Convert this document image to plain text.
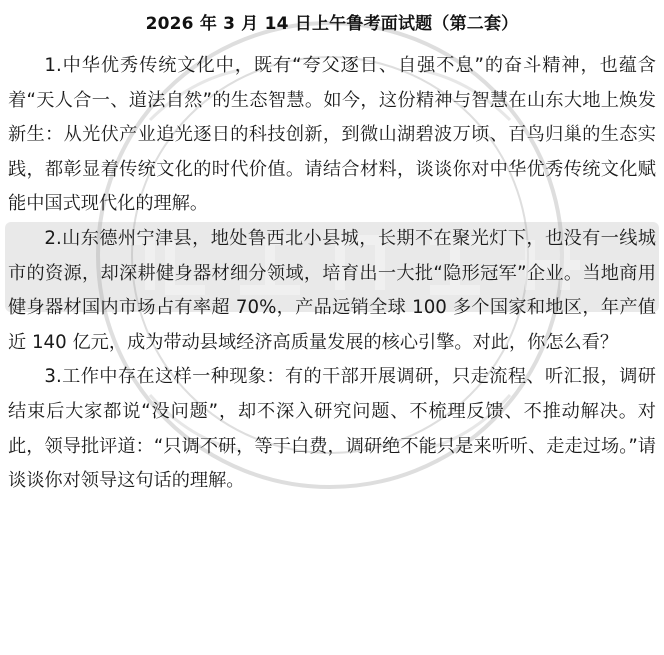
2026 年 3 月 14 日上午鲁考面试题（第二套）

1.中华优秀传统文化中，既有“夸父逐日、自强不息”的奋斗精神，也蕴含着“天人合一、道法自然”的生态智慧。如今，这份精神与智慧在山东大地上焕发新生：从光伏产业追光逐日的科技创新，到微山湖碧波万顷、百鸟归巢的生态实践，都彰显着传统文化的时代价值。请结合材料，谈谈你对中华优秀传统文化赋能中国式现代化的理解。

2.山东德州宁津县，地处鲁西北小县城，长期不在聚光灯下，也没有一线城市的资源，却深耕健身器材细分领域，培育出一大批“隐形冠军”企业。当地商用健身器材国内市场占有率超 70%，产品远销全球 100 多个国家和地区，年产值近 140 亿元，成为带动县域经济高质量发展的核心引擎。对此，你怎么看？

3.工作中存在这样一种现象：有的干部开展调研，只走流程、听汇报，调研结束后大家都说“没问题”，却不深入研究问题、不梳理反馈、不推动解决。对此，领导批评道：“只调不研，等于白费，调研绝不能只是来听听、走走过场。”请谈谈你对领导这句话的理解。
